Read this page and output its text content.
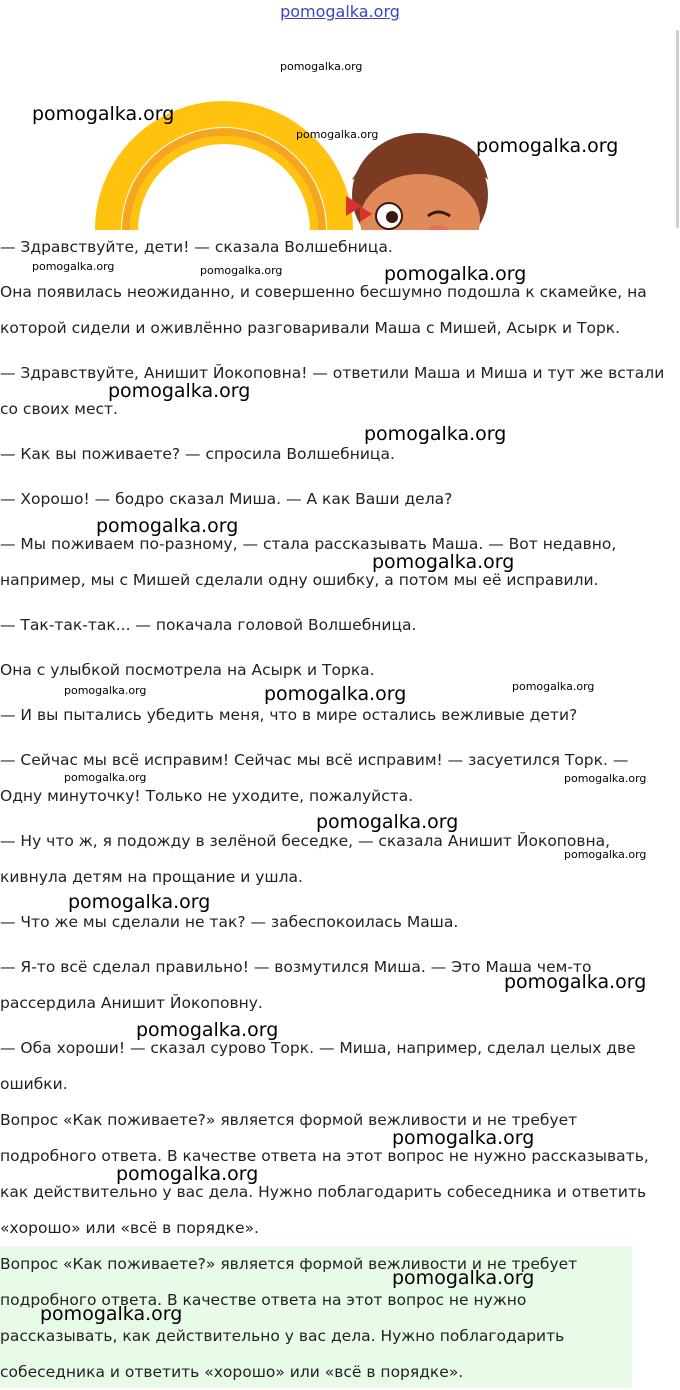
pomogalka.org
pomogalka.org
pomogalka.org
pomogalka.org
pomogalka.org
pomogalka.org	pomogalka.org	pomogalka.org
pomogalka.org
pomogalka.org
pomogalka.org
pomogalka.org
pomogalka.org	pomogalka.org	pomogalka.org
pomogalka.org	pomogalka.org
pomogalka.org
pomogalka.org
pomogalka.org
pomogalka.org
pomogalka.org
pomogalka.org
pomogalka.org

— Здравствуйте, дети! — сказала Волшебница.

Она появилась неожиданно, и совершенно бесшумно подошла к скамейке, на
которой сидели и оживлённо разговаривали Маша с Мишей, Асырк и Торк.

— Здравствуйте, Анишит Йокоповна! — ответили Маша и Миша и тут же встали
со своих мест.

— Как вы поживаете? — спросила Волшебница.

— Хорошо! — бодро сказал Миша. — А как Ваши дела?

— Мы поживаем по-разному, — стала рассказывать Маша. — Вот недавно,
например, мы с Мишей сделали одну ошибку, а потом мы её исправили.

— Так-так-так... — покачала головой Волшебница.

Она с улыбкой посмотрела на Асырк и Торка.

— И вы пытались убедить меня, что в мире остались вежливые дети?

— Сейчас мы всё исправим! Сейчас мы всё исправим! — засуетился Торк. —
Одну минуточку! Только не уходите, пожалуйста.

— Ну что ж, я подожду в зелёной беседке, — сказала Анишит Йокоповна,
кивнула детям на прощание и ушла.

— Что же мы сделали не так? — забеспокоилась Маша.

— Я-то всё сделал правильно! — возмутился Миша. — Это Маша чем-то
рассердила Анишит Йокоповну.

— Оба хороши! — сказал сурово Торк. — Миша, например, сделал целых две
ошибки.

Вопрос «Как поживаете?» является формой вежливости и не требует
подробного ответа. В качестве ответа на этот вопрос не нужно рассказывать,
как действительно у вас дела. Нужно поблагодарить собеседника и ответить
«хорошо» или «всё в порядке».

Вопрос «Как поживаете?» является формой вежливости и не требует
подробного ответа. В качестве ответа на этот вопрос не нужно
рассказывать, как действительно у вас дела. Нужно поблагодарить
собеседника и ответить «хорошо» или «всё в порядке».

pomogalka.org
pomogalka.org
